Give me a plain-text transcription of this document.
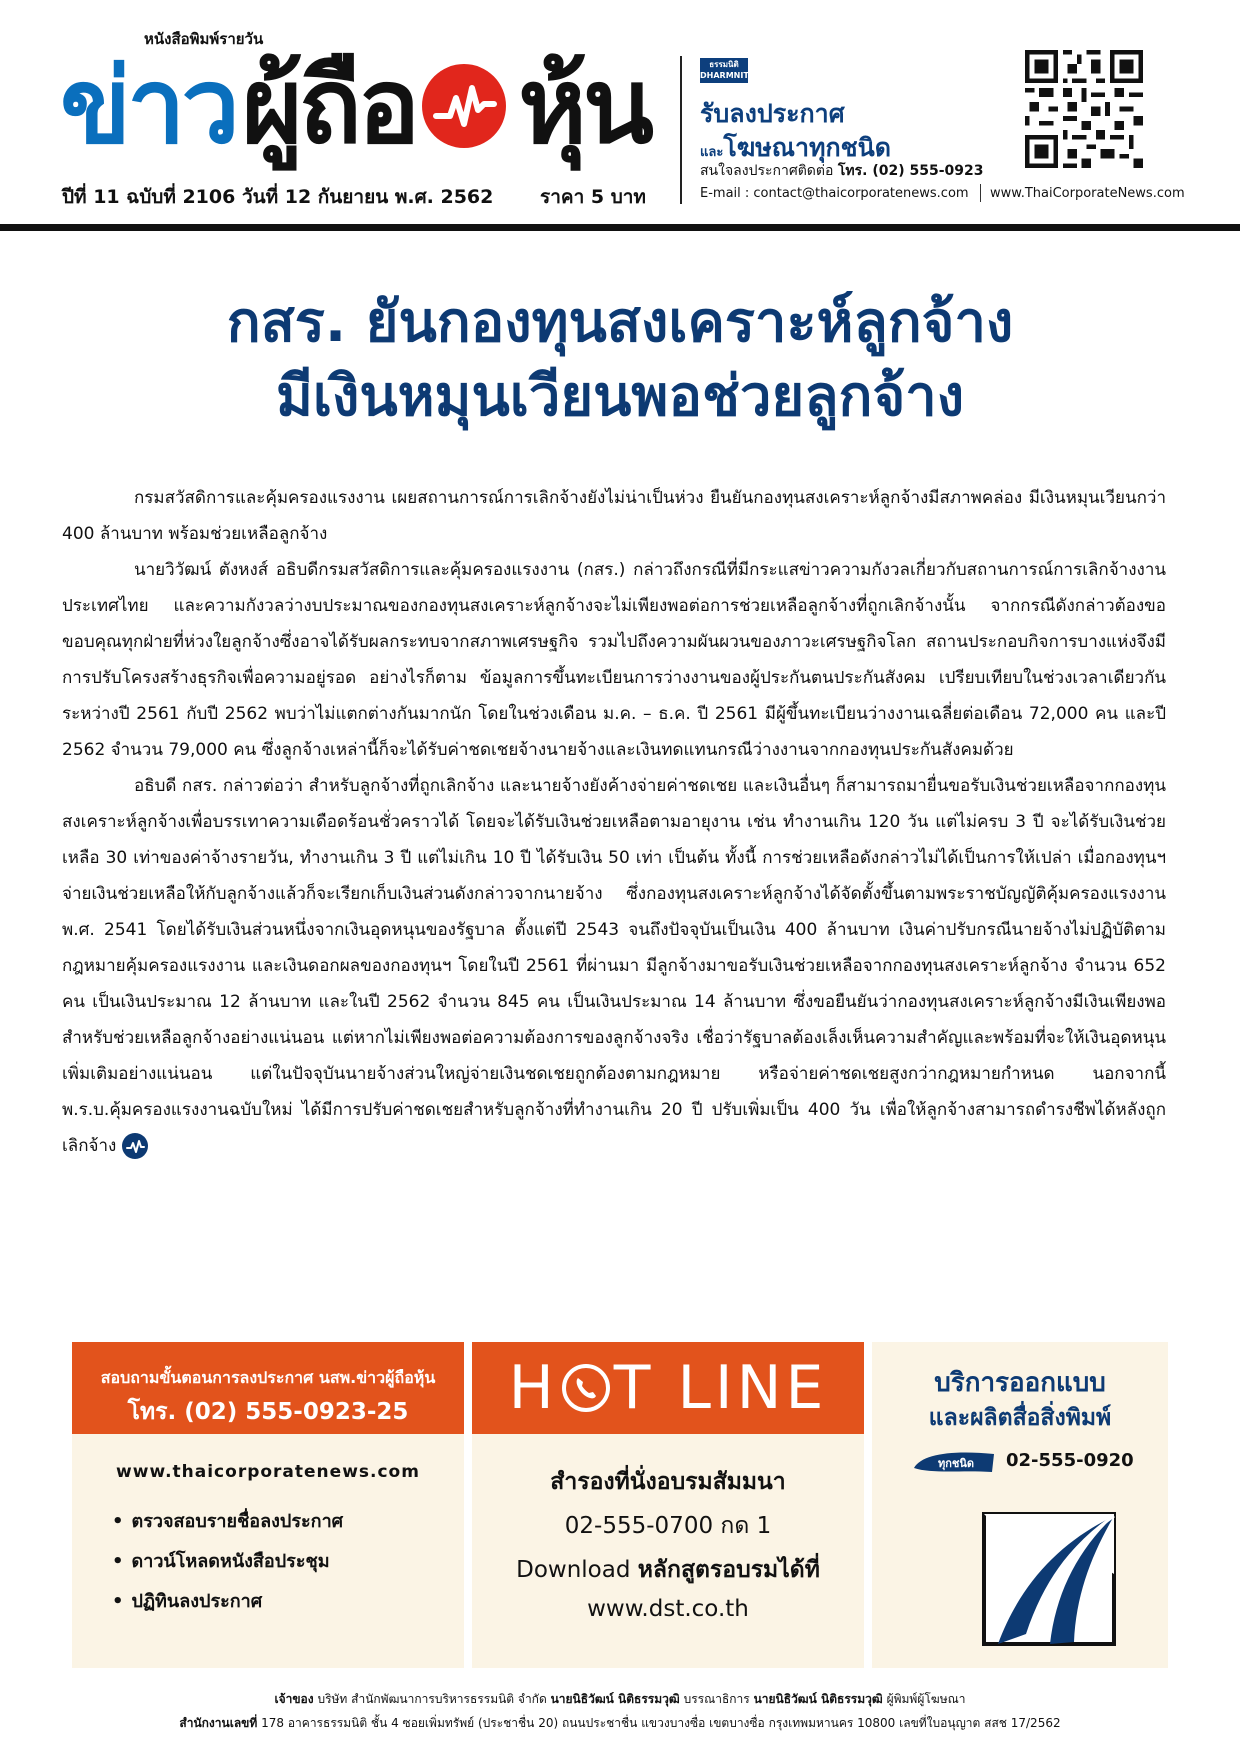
หนังสือพิมพ์รายวัน
ข่าว ผู้ถือ หุ้น
ปีที่ 11 ฉบับที่ 2106 วันที่ 12 กันยายน พ.ศ. 2562 ราคา 5 บาท
ธรรมนิติ DHARMNITI
รับลงประกาศ
และโฆษณาทุกชนิด
สนใจลงประกาศติดต่อ โทร. (02) 555-0923
E-mail : contact@thaicorporatenews.com www.ThaiCorporateNews.com
กสร. ยันกองทุนสงเคราะห์ลูกจ้าง
มีเงินหมุนเวียนพอช่วยลูกจ้าง

กรมสวัสดิการและคุ้มครองแรงงาน เผยสถานการณ์การเลิกจ้างยังไม่น่าเป็นห่วง ยืนยันกองทุนสงเคราะห์ลูกจ้างมีสภาพคล่อง มีเงินหมุนเวียนกว่า 400 ล้านบาท พร้อมช่วยเหลือลูกจ้าง

นายวิวัฒน์ ตังหงส์ อธิบดีกรมสวัสดิการและคุ้มครองแรงงาน (กสร.) กล่าวถึงกรณีที่มีกระแสข่าวความกังวลเกี่ยวกับสถานการณ์การเลิกจ้างงานประเทศไทย และความกังวลว่างบประมาณของกองทุนสงเคราะห์ลูกจ้างจะไม่เพียงพอต่อการช่วยเหลือลูกจ้างที่ถูกเลิกจ้างนั้น จากกรณีดังกล่าวต้องขอขอบคุณทุกฝ่ายที่ห่วงใยลูกจ้างซึ่งอาจได้รับผลกระทบจากสภาพเศรษฐกิจ รวมไปถึงความผันผวนของภาวะเศรษฐกิจโลก สถานประกอบกิจการบางแห่งจึงมีการปรับโครงสร้างธุรกิจเพื่อความอยู่รอด อย่างไรก็ตาม ข้อมูลการขึ้นทะเบียนการว่างงานของผู้ประกันตนประกันสังคม เปรียบเทียบในช่วงเวลาเดียวกันระหว่างปี 2561 กับปี 2562 พบว่าไม่แตกต่างกันมากนัก โดยในช่วงเดือน ม.ค. – ธ.ค. ปี 2561 มีผู้ขึ้นทะเบียนว่างงานเฉลี่ยต่อเดือน 72,000 คน และปี 2562 จำนวน 79,000 คน ซึ่งลูกจ้างเหล่านี้ก็จะได้รับค่าชดเชยจ้างนายจ้างและเงินทดแทนกรณีว่างงานจากกองทุนประกันสังคมด้วย

อธิบดี กสร. กล่าวต่อว่า สำหรับลูกจ้างที่ถูกเลิกจ้าง และนายจ้างยังค้างจ่ายค่าชดเชย และเงินอื่นๆ ก็สามารถมายื่นขอรับเงินช่วยเหลือจากกองทุนสงเคราะห์ลูกจ้างเพื่อบรรเทาความเดือดร้อนชั่วคราวได้ โดยจะได้รับเงินช่วยเหลือตามอายุงาน เช่น ทำงานเกิน 120 วัน แต่ไม่ครบ 3 ปี จะได้รับเงินช่วยเหลือ 30 เท่าของค่าจ้างรายวัน, ทำงานเกิน 3 ปี แต่ไม่เกิน 10 ปี ได้รับเงิน 50 เท่า เป็นต้น ทั้งนี้ การช่วยเหลือดังกล่าวไม่ได้เป็นการให้เปล่า เมื่อกองทุนฯ จ่ายเงินช่วยเหลือให้กับลูกจ้างแล้วก็จะเรียกเก็บเงินส่วนดังกล่าวจากนายจ้าง ซึ่งกองทุนสงเคราะห์ลูกจ้างได้จัดตั้งขึ้นตามพระราชบัญญัติคุ้มครองแรงงาน พ.ศ. 2541 โดยได้รับเงินส่วนหนึ่งจากเงินอุดหนุนของรัฐบาล ตั้งแต่ปี 2543 จนถึงปัจจุบันเป็นเงิน 400 ล้านบาท เงินค่าปรับกรณีนายจ้างไม่ปฏิบัติตามกฎหมายคุ้มครองแรงงาน และเงินดอกผลของกองทุนฯ โดยในปี 2561 ที่ผ่านมา มีลูกจ้างมาขอรับเงินช่วยเหลือจากกองทุนสงเคราะห์ลูกจ้าง จำนวน 652 คน เป็นเงินประมาณ 12 ล้านบาท และในปี 2562 จำนวน 845 คน เป็นเงินประมาณ 14 ล้านบาท ซึ่งขอยืนยันว่ากองทุนสงเคราะห์ลูกจ้างมีเงินเพียงพอสำหรับช่วยเหลือลูกจ้างอย่างแน่นอน แต่หากไม่เพียงพอต่อความต้องการของลูกจ้างจริง เชื่อว่ารัฐบาลต้องเล็งเห็นความสำคัญและพร้อมที่จะให้เงินอุดหนุนเพิ่มเติมอย่างแน่นอน แต่ในปัจจุบันนายจ้างส่วนใหญ่จ่ายเงินชดเชยถูกต้องตามกฎหมาย หรือจ่ายค่าชดเชยสูงกว่ากฎหมายกำหนด นอกจากนี้ พ.ร.บ.คุ้มครองแรงงานฉบับใหม่ ได้มีการปรับค่าชดเชยสำหรับลูกจ้างที่ทำงานเกิน 20 ปี ปรับเพิ่มเป็น 400 วัน เพื่อให้ลูกจ้างสามารถดำรงชีพได้หลังถูกเลิกจ้าง

สอบถามขั้นตอนการลงประกาศ นสพ.ข่าวผู้ถือหุ้น
โทร. (02) 555-0923-25
www.thaicorporatenews.com
• ตรวจสอบรายชื่อลงประกาศ
• ดาวน์โหลดหนังสือประชุม
• ปฏิทินลงประกาศ
H T LINE
สำรองที่นั่งอบรมสัมมนา
02-555-0700 กด 1
Download หลักสูตรอบรมได้ที่
www.dst.co.th
บริการออกแบบ
และผลิตสื่อสิ่งพิมพ์
ทุกชนิด 02-555-0920
เจ้าของ บริษัท สำนักพัฒนาการบริหารธรรมนิติ จำกัด นายนิธิวัฒน์ นิติธรรมวุฒิ บรรณาธิการ นายนิธิวัฒน์ นิติธรรมวุฒิ ผู้พิมพ์ผู้โฆษณา
สำนักงานเลขที่ 178 อาคารธรรมนิติ ชั้น 4 ซอยเพิ่มทรัพย์ (ประชาชื่น 20) ถนนประชาชื่น แขวงบางซื่อ เขตบางซื่อ กรุงเทพมหานคร 10800 เลขที่ใบอนุญาต สสช 17/2562
